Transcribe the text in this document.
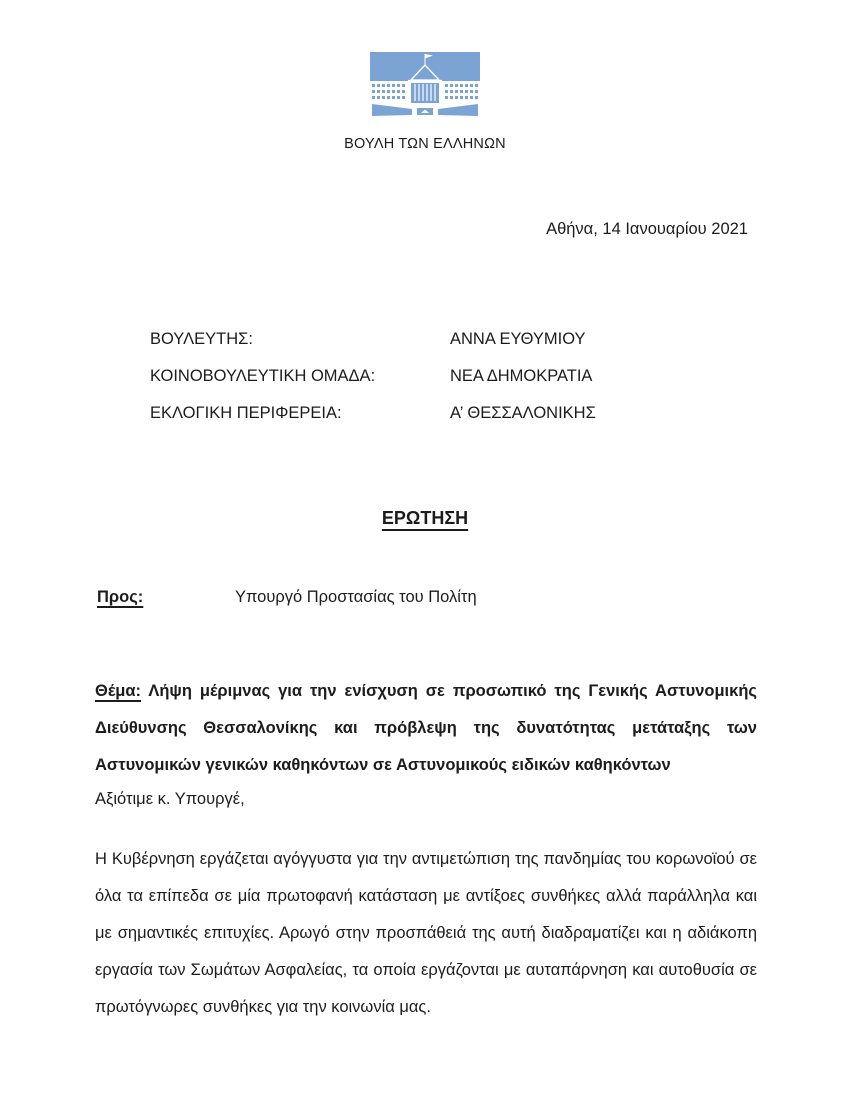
ΒΟΥΛΗ ΤΩΝ ΕΛΛΗΝΩΝ
Αθήνα, 14 Ιανουαρίου 2021
ΒΟΥΛΕΥΤΗΣ:	ΑΝΝΑ ΕΥΘΥΜΙΟΥ
ΚΟΙΝΟΒΟΥΛΕΥΤΙΚΗ ΟΜΑΔΑ:	ΝΕΑ ΔΗΜΟΚΡΑΤΙΑ
ΕΚΛΟΓΙΚΗ ΠΕΡΙΦΕΡΕΙΑ:	Α’ ΘΕΣΣΑΛΟΝΙΚΗΣ
ΕΡΩΤΗΣΗ
Προς:	Υπουργό Προστασίας του Πολίτη

Θέμα: Λήψη μέριμνας για την ενίσχυση σε προσωπικό της Γενικής Αστυνομικής Διεύθυνσης Θεσσαλονίκης και πρόβλεψη της δυνατότητας μετάταξης των Αστυνομικών γενικών καθηκόντων σε Αστυνομικούς ειδικών καθηκόντων

Αξιότιμε κ. Υπουργέ,

Η Κυβέρνηση εργάζεται αγόγγυστα για την αντιμετώπιση της πανδημίας του κορωνοϊού σε όλα τα επίπεδα σε μία πρωτοφανή κατάσταση με αντίξοες συνθήκες αλλά παράλληλα και με σημαντικές επιτυχίες. Αρωγό στην προσπάθειά της αυτή διαδραματίζει και η αδιάκοπη εργασία των Σωμάτων Ασφαλείας, τα οποία εργάζονται με αυταπάρνηση και αυτοθυσία σε πρωτόγνωρες συνθήκες για την κοινωνία μας.
